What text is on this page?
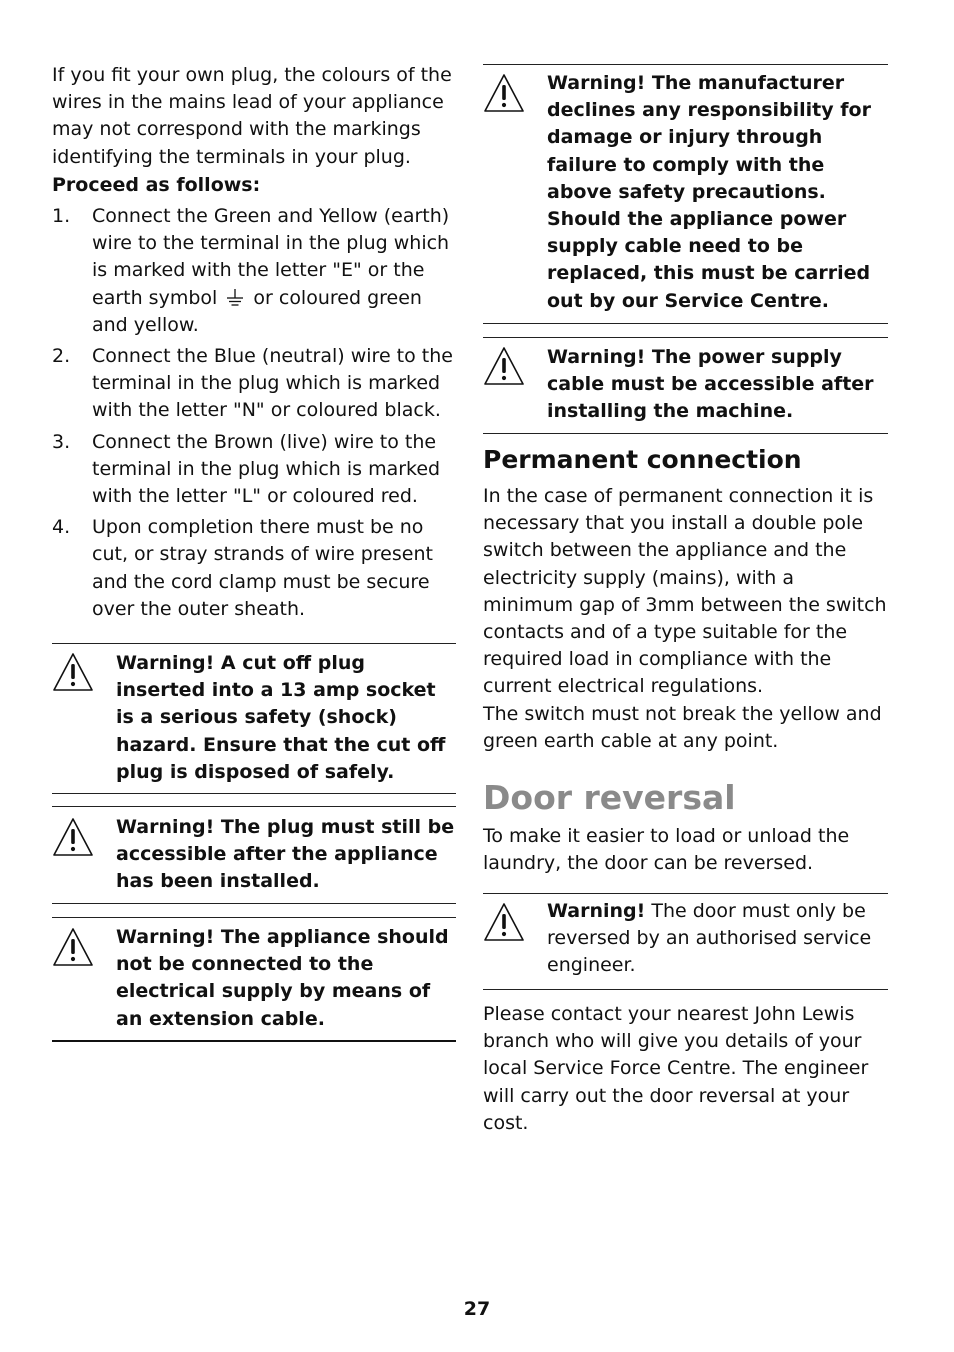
If you fit your own plug, the colours of the wires in the mains lead of your appliance may not correspond with the markings identifying the terminals in your plug.
Proceed as follows:
1. Connect the Green and Yellow (earth) wire to the terminal in the plug which is marked with the letter "E" or the earth symbol or coloured green and yellow.
2. Connect the Blue (neutral) wire to the terminal in the plug which is marked with the letter "N" or coloured black.
3. Connect the Brown (live) wire to the terminal in the plug which is marked with the letter "L" or coloured red.
4. Upon completion there must be no cut, or stray strands of wire present and the cord clamp must be secure over the outer sheath.
Warning! A cut off plug inserted into a 13 amp socket is a serious safety (shock) hazard. Ensure that the cut off plug is disposed of safely.
Warning! The plug must still be accessible after the appliance has been installed.
Warning! The appliance should not be connected to the electrical supply by means of an extension cable.
Warning! The manufacturer declines any responsibility for damage or injury through failure to comply with the above safety precautions. Should the appliance power supply cable need to be replaced, this must be carried out by our Service Centre.
Warning! The power supply cable must be accessible after installing the machine.
Permanent connection
In the case of permanent connection it is necessary that you install a double pole switch between the appliance and the electricity supply (mains), with a minimum gap of 3mm between the switch contacts and of a type suitable for the required load in compliance with the current electrical regulations.
The switch must not break the yellow and green earth cable at any point.
Door reversal
To make it easier to load or unload the laundry, the door can be reversed.
Warning! The door must only be reversed by an authorised service engineer.
Please contact your nearest John Lewis branch who will give you details of your local Service Force Centre. The engineer will carry out the door reversal at your cost.
27
